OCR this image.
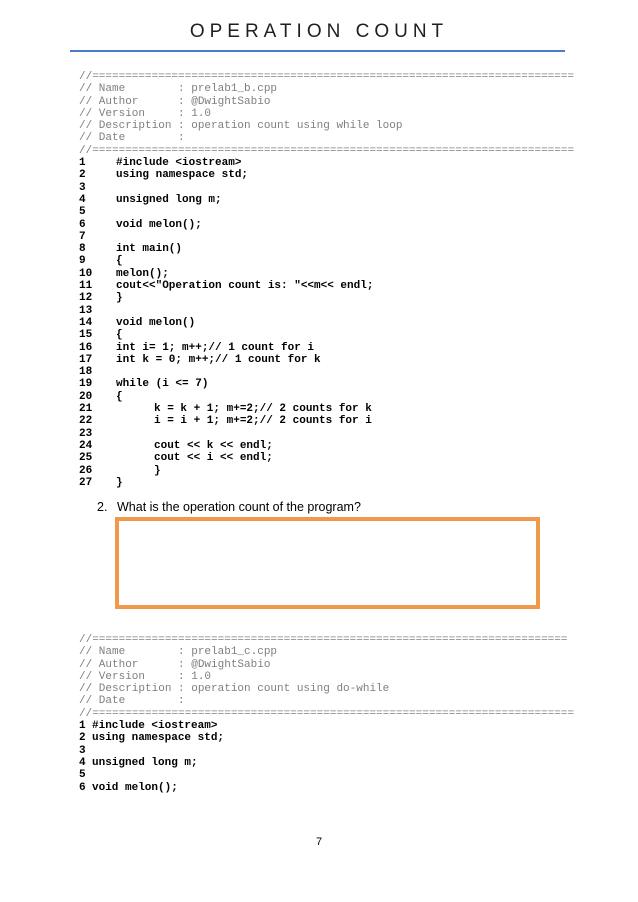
OPERATION COUNT
//=========================================================================
// Name        : prelab1_b.cpp
// Author      : @DwightSabio
// Version     : 1.0
// Description : operation count using while loop
// Date        :
//=========================================================================
1	#include <iostream>
2	using namespace std;
3
4	unsigned long m;
5
6	void melon();
7
8	int main()
9	{
10 melon();
11 cout<<"Operation count is: "<<m<< endl;
12 }
13
14 void melon()
15 {
16 int i= 1; m++;// 1 count for i
17 int k = 0; m++;// 1 count for k
18
19 while (i <= 7)
20 {
21	k = k + 1; m+=2;// 2 counts for k
22	i = i + 1; m+=2;// 2 counts for i
23
24	cout << k << endl;
25	cout << i << endl;
26	}
27 }
2. What is the operation count of the program?
//========================================================================
// Name        : prelab1_c.cpp
// Author      : @DwightSabio
// Version     : 1.0
// Description : operation count using do-while
// Date        :
//=========================================================================
1 #include <iostream>
2 using namespace std;
3
4 unsigned long m;
5
6 void melon();
7
